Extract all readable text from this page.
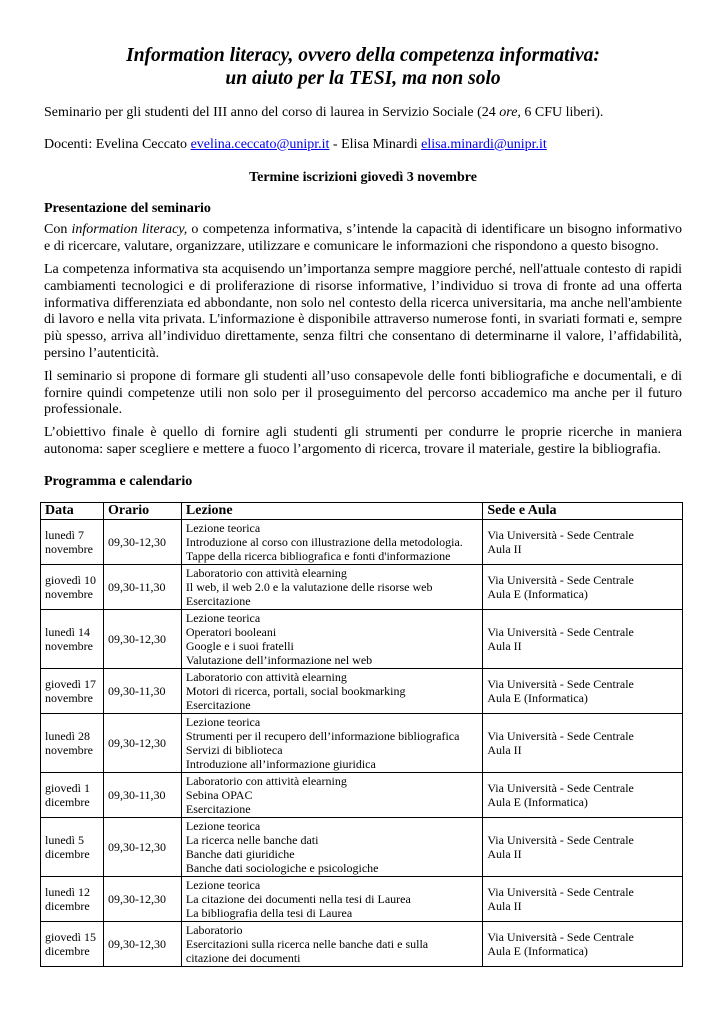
Information literacy, ovvero della competenza informativa:
un aiuto per la TESI, ma non solo

Seminario per gli studenti del III anno del corso di laurea in Servizio Sociale (24 ore, 6 CFU liberi).

Docenti: Evelina Ceccato evelina.ceccato@unipr.it - Elisa Minardi elisa.minardi@unipr.it

Termine iscrizioni giovedì 3 novembre

Presentazione del seminario

Con information literacy, o competenza informativa, s’intende la capacità di identificare un bisogno informativo e di ricercare, valutare, organizzare, utilizzare e comunicare le informazioni che rispondono a questo bisogno.

La competenza informativa sta acquisendo un’importanza sempre maggiore perché, nell'attuale contesto di rapidi cambiamenti tecnologici e di proliferazione di risorse informative, l’individuo si trova di fronte ad una offerta informativa differenziata ed abbondante, non solo nel contesto della ricerca universitaria, ma anche nell'ambiente di lavoro e nella vita privata. L'informazione è disponibile attraverso numerose fonti, in svariati formati e, sempre più spesso, arriva all’individuo direttamente, senza filtri che consentano di determinarne il valore, l’affidabilità, persino l’autenticità.

Il seminario si propone di formare gli studenti all’uso consapevole delle fonti bibliografiche e documentali, e di fornire quindi competenze utili non solo per il proseguimento del percorso accademico ma anche per il futuro professionale.

L’obiettivo finale è quello di fornire agli studenti gli strumenti per condurre le proprie ricerche in maniera autonoma: saper scegliere e mettere a fuoco l’argomento di ricerca, trovare il materiale, gestire la bibliografia.

Programma e calendario
Data	Orario	Lezione	Sede e Aula

lunedì 7
novembre	09,30-12,30	Lezione teorica
Introduzione al corso con illustrazione della metodologia.
Tappe della ricerca bibliografica e fonti d'informazione	Via Università - Sede Centrale
Aula II

giovedì 10
novembre	09,30-11,30	Laboratorio con attività elearning
Il web, il web 2.0 e la valutazione delle risorse web
Esercitazione	Via Università - Sede Centrale
Aula E (Informatica)

lunedì 14
novembre	09,30-12,30	Lezione teorica
Operatori booleani
Google e i suoi fratelli
Valutazione dell’informazione nel web	Via Università - Sede Centrale
Aula II

giovedì 17
novembre	09,30-11,30	Laboratorio con attività elearning
Motori di ricerca, portali, social bookmarking
Esercitazione	Via Università - Sede Centrale
Aula E (Informatica)

lunedì 28
novembre	09,30-12,30	Lezione teorica
Strumenti per il recupero dell’informazione bibliografica
Servizi di biblioteca
Introduzione all’informazione giuridica	Via Università - Sede Centrale
Aula II

giovedì 1
dicembre	09,30-11,30	Laboratorio con attività elearning
Sebina OPAC
Esercitazione	Via Università - Sede Centrale
Aula E (Informatica)

lunedì 5
dicembre	09,30-12,30	Lezione teorica
La ricerca nelle banche dati
Banche dati giuridiche
Banche dati sociologiche e psicologiche	Via Università - Sede Centrale
Aula II

lunedì 12
dicembre	09,30-12,30	Lezione teorica
La citazione dei documenti nella tesi di Laurea
La bibliografia della tesi di Laurea	Via Università - Sede Centrale
Aula II

giovedì 15
dicembre	09,30-12,30	Laboratorio
Esercitazioni sulla ricerca nelle banche dati e sulla
citazione dei documenti	Via Università - Sede Centrale
Aula E (Informatica)
